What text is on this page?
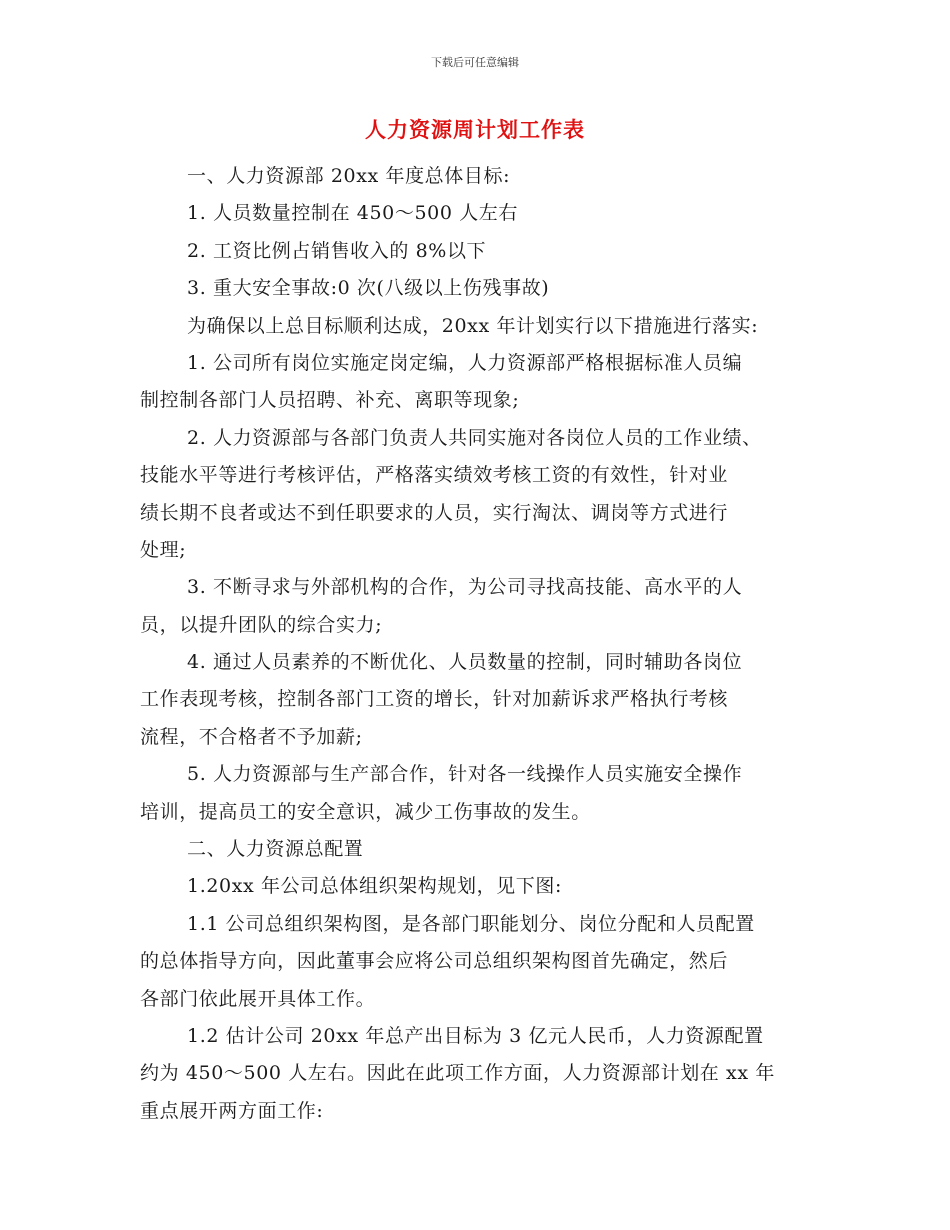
下载后可任意编辑
人力资源周计划工作表
一、人力资源部 20xx 年度总体目标:
1. 人员数量控制在 450～500 人左右
2. 工资比例占销售收入的 8%以下
3. 重大安全事故:0 次(八级以上伤残事故)
为确保以上总目标顺利达成，20xx 年计划实行以下措施进行落实:
1. 公司所有岗位实施定岗定编，人力资源部严格根据标准人员编
制控制各部门人员招聘、补充、离职等现象;
2. 人力资源部与各部门负责人共同实施对各岗位人员的工作业绩、
技能水平等进行考核评估，严格落实绩效考核工资的有效性，针对业
绩长期不良者或达不到任职要求的人员，实行淘汰、调岗等方式进行
处理;
3. 不断寻求与外部机构的合作，为公司寻找高技能、高水平的人
员，以提升团队的综合实力;
4. 通过人员素养的不断优化、人员数量的控制，同时辅助各岗位
工作表现考核，控制各部门工资的增长，针对加薪诉求严格执行考核
流程，不合格者不予加薪;
5. 人力资源部与生产部合作，针对各一线操作人员实施安全操作
培训，提高员工的安全意识，减少工伤事故的发生。
二、人力资源总配置
1.20xx 年公司总体组织架构规划，见下图:
1.1 公司总组织架构图，是各部门职能划分、岗位分配和人员配置
的总体指导方向，因此董事会应将公司总组织架构图首先确定，然后
各部门依此展开具体工作。
1.2 估计公司 20xx 年总产出目标为 3 亿元人民币，人力资源配置
约为 450～500 人左右。因此在此项工作方面，人力资源部计划在 xx 年
重点展开两方面工作:
